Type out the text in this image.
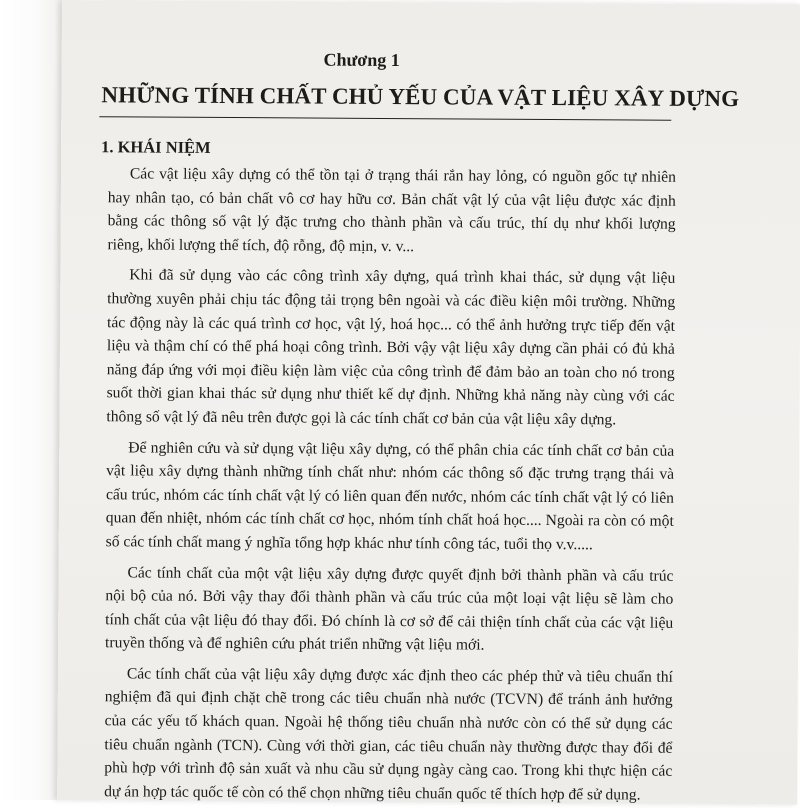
Chương 1
NHỮNG TÍNH CHẤT CHỦ YẾU CỦA VẬT LIỆU XÂY DỰNG
1. KHÁI NIỆM

Các vật liệu xây dựng có thể tồn tại ở trạng thái rắn hay lỏng, có nguồn gốc tự nhiên hay nhân tạo, có bản chất vô cơ hay hữu cơ. Bản chất vật lý của vật liệu được xác định bằng các thông số vật lý đặc trưng cho thành phần và cấu trúc, thí dụ như khối lượng riêng, khối lượng thể tích, độ rỗng, độ mịn, v. v...

Khi đã sử dụng vào các công trình xây dựng, quá trình khai thác, sử dụng vật liệu thường xuyên phải chịu tác động tải trọng bên ngoài và các điều kiện môi trường. Những tác động này là các quá trình cơ học, vật lý, hoá học... có thể ảnh hưởng trực tiếp đến vật liệu và thậm chí có thể phá hoại công trình. Bởi vậy vật liệu xây dựng cần phải có đủ khả năng đáp ứng với mọi điều kiện làm việc của công trình để đảm bảo an toàn cho nó trong suốt thời gian khai thác sử dụng như thiết kế dự định. Những khả năng này cùng với các thông số vật lý đã nêu trên được gọi là các tính chất cơ bản của vật liệu xây dựng.

Để nghiên cứu và sử dụng vật liệu xây dựng, có thể phân chia các tính chất cơ bản của vật liệu xây dựng thành những tính chất như: nhóm các thông số đặc trưng trạng thái và cấu trúc, nhóm các tính chất vật lý có liên quan đến nước, nhóm các tính chất vật lý có liên quan đến nhiệt, nhóm các tính chất cơ học, nhóm tính chất hoá học.... Ngoài ra còn có một số các tính chất mang ý nghĩa tổng hợp khác như tính công tác, tuổi thọ v.v.....

Các tính chất của một vật liệu xây dựng được quyết định bởi thành phần và cấu trúc nội bộ của nó. Bởi vậy thay đổi thành phần và cấu trúc của một loại vật liệu sẽ làm cho tính chất của vật liệu đó thay đổi. Đó chính là cơ sở để cải thiện tính chất của các vật liệu truyền thống và để nghiên cứu phát triển những vật liệu mới.

Các tính chất của vật liệu xây dựng được xác định theo các phép thử và tiêu chuẩn thí nghiệm đã qui định chặt chẽ trong các tiêu chuẩn nhà nước (TCVN) để tránh ảnh hưởng của các yếu tố khách quan. Ngoài hệ thống tiêu chuẩn nhà nước còn có thể sử dụng các tiêu chuẩn ngành (TCN). Cùng với thời gian, các tiêu chuẩn này thường được thay đổi để phù hợp với trình độ sản xuất và nhu cầu sử dụng ngày càng cao. Trong khi thực hiện các dự án hợp tác quốc tế còn có thể chọn những tiêu chuẩn quốc tế thích hợp để sử dụng.
